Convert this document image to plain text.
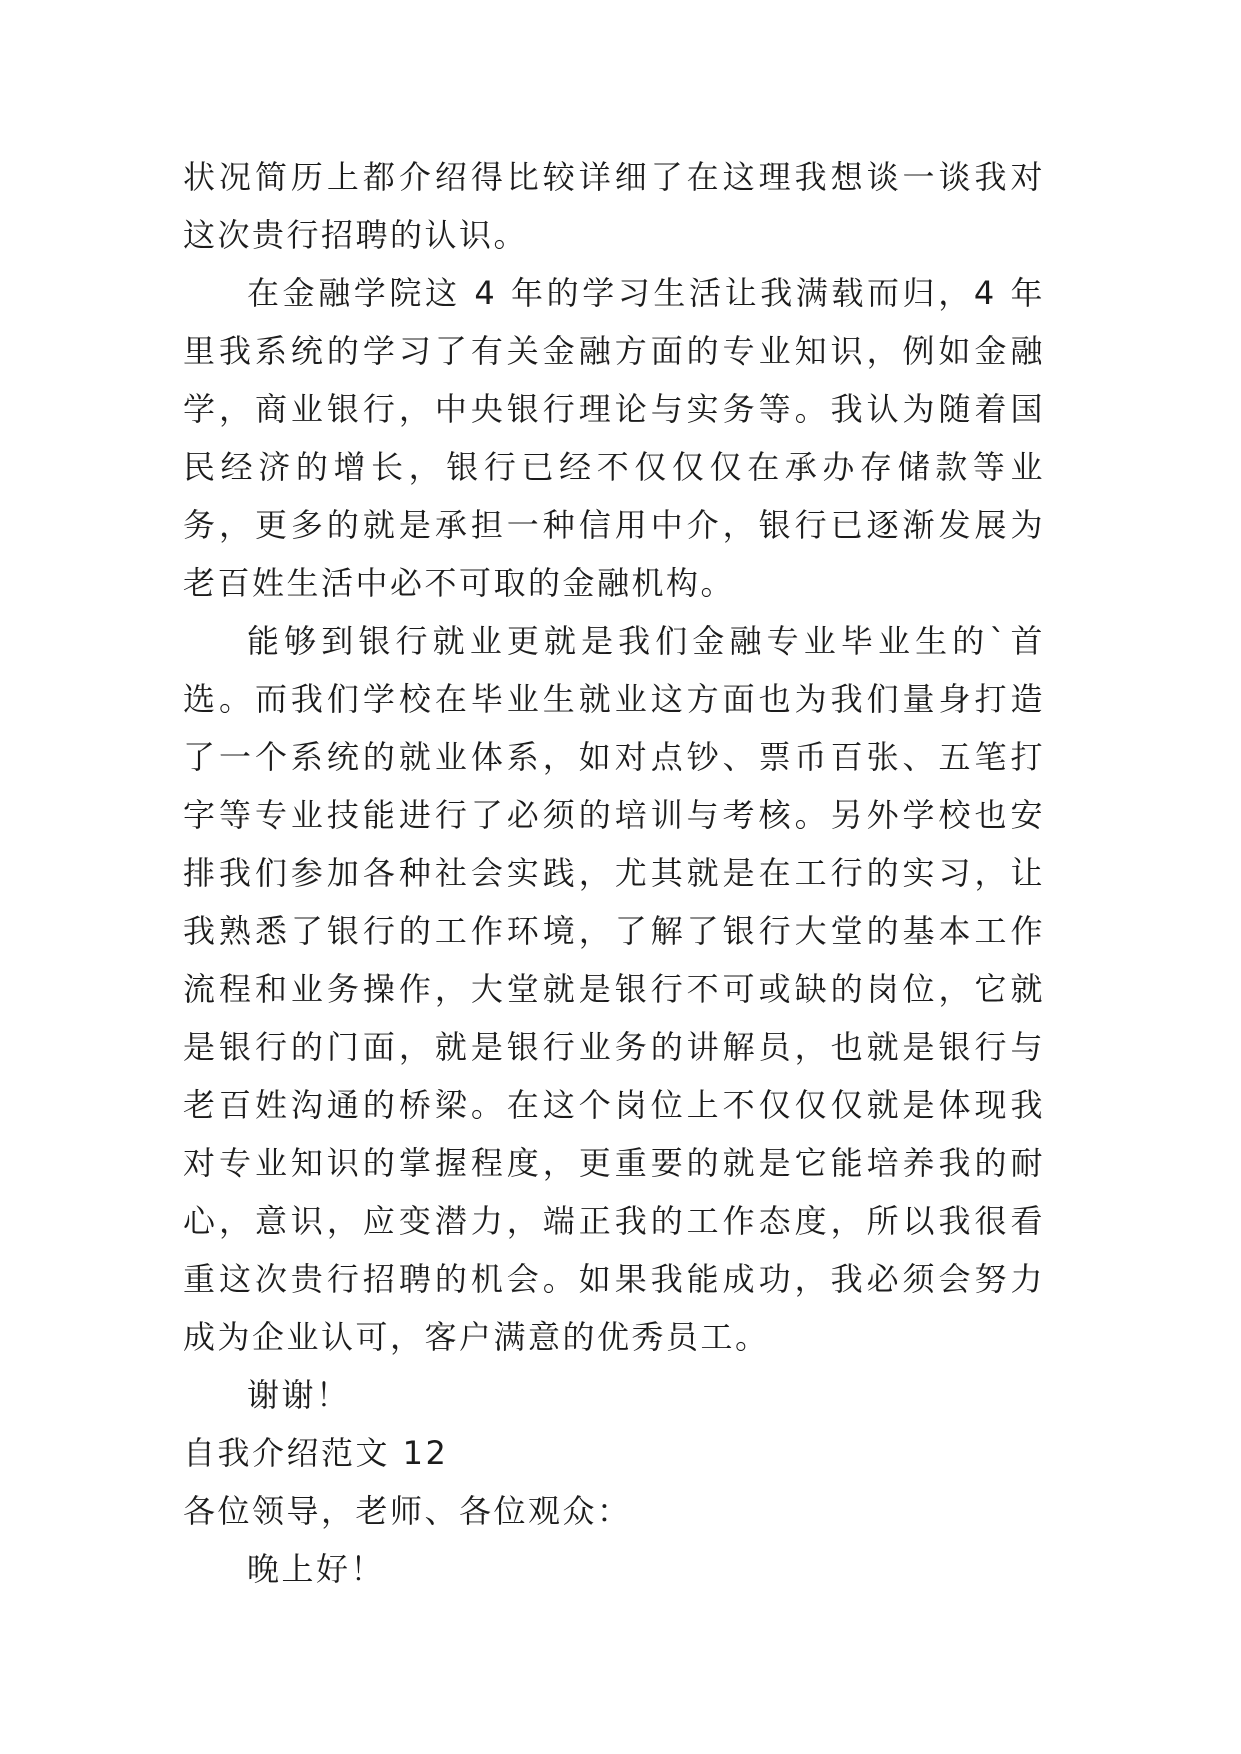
状况简历上都介绍得比较详细了在这理我想谈一谈我对这次贵行招聘的认识。

在金融学院这 4 年的学习生活让我满载而归，4 年里我系统的学习了有关金融方面的专业知识，例如金融学，商业银行，中央银行理论与实务等。我认为随着国民经济的增长，银行已经不仅仅仅在承办存储款等业务，更多的就是承担一种信用中介，银行已逐渐发展为老百姓生活中必不可取的金融机构。

能够到银行就业更就是我们金融专业毕业生的`首选。而我们学校在毕业生就业这方面也为我们量身打造了一个系统的就业体系，如对点钞、票币百张、五笔打字等专业技能进行了必须的培训与考核。另外学校也安排我们参加各种社会实践，尤其就是在工行的实习，让我熟悉了银行的工作环境，了解了银行大堂的基本工作流程和业务操作，大堂就是银行不可或缺的岗位，它就是银行的门面，就是银行业务的讲解员，也就是银行与老百姓沟通的桥梁。在这个岗位上不仅仅仅就是体现我对专业知识的掌握程度，更重要的就是它能培养我的耐心，意识，应变潜力，端正我的工作态度，所以我很看重这次贵行招聘的机会。如果我能成功，我必须会努力成为企业认可，客户满意的优秀员工。

谢谢！

自我介绍范文 12

各位领导，老师、各位观众：

晚上好！
